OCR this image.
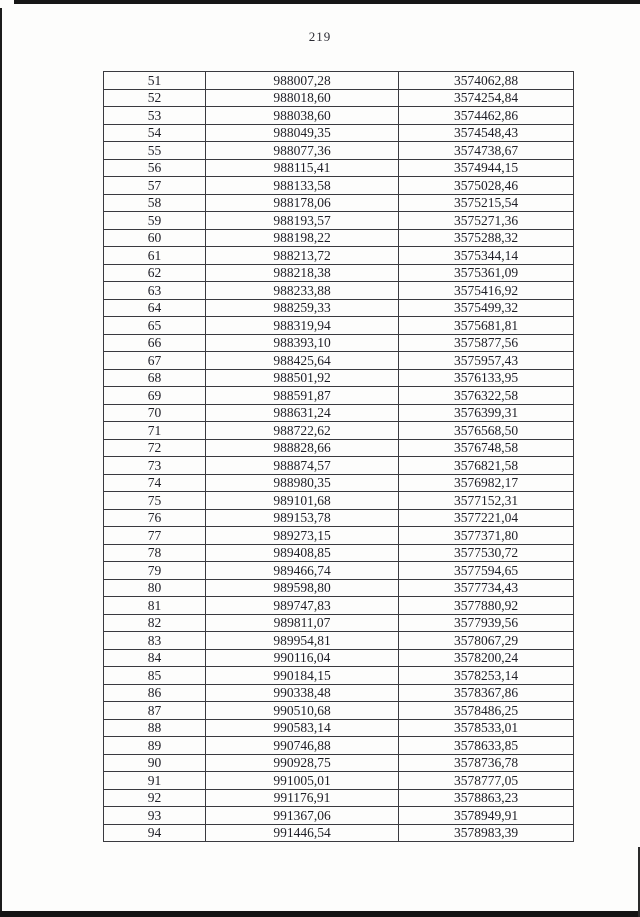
219
51	988007,28	3574062,88
52	988018,60	3574254,84
53	988038,60	3574462,86
54	988049,35	3574548,43
55	988077,36	3574738,67
56	988115,41	3574944,15
57	988133,58	3575028,46
58	988178,06	3575215,54
59	988193,57	3575271,36
60	988198,22	3575288,32
61	988213,72	3575344,14
62	988218,38	3575361,09
63	988233,88	3575416,92
64	988259,33	3575499,32
65	988319,94	3575681,81
66	988393,10	3575877,56
67	988425,64	3575957,43
68	988501,92	3576133,95
69	988591,87	3576322,58
70	988631,24	3576399,31
71	988722,62	3576568,50
72	988828,66	3576748,58
73	988874,57	3576821,58
74	988980,35	3576982,17
75	989101,68	3577152,31
76	989153,78	3577221,04
77	989273,15	3577371,80
78	989408,85	3577530,72
79	989466,74	3577594,65
80	989598,80	3577734,43
81	989747,83	3577880,92
82	989811,07	3577939,56
83	989954,81	3578067,29
84	990116,04	3578200,24
85	990184,15	3578253,14
86	990338,48	3578367,86
87	990510,68	3578486,25
88	990583,14	3578533,01
89	990746,88	3578633,85
90	990928,75	3578736,78
91	991005,01	3578777,05
92	991176,91	3578863,23
93	991367,06	3578949,91
94	991446,54	3578983,39
